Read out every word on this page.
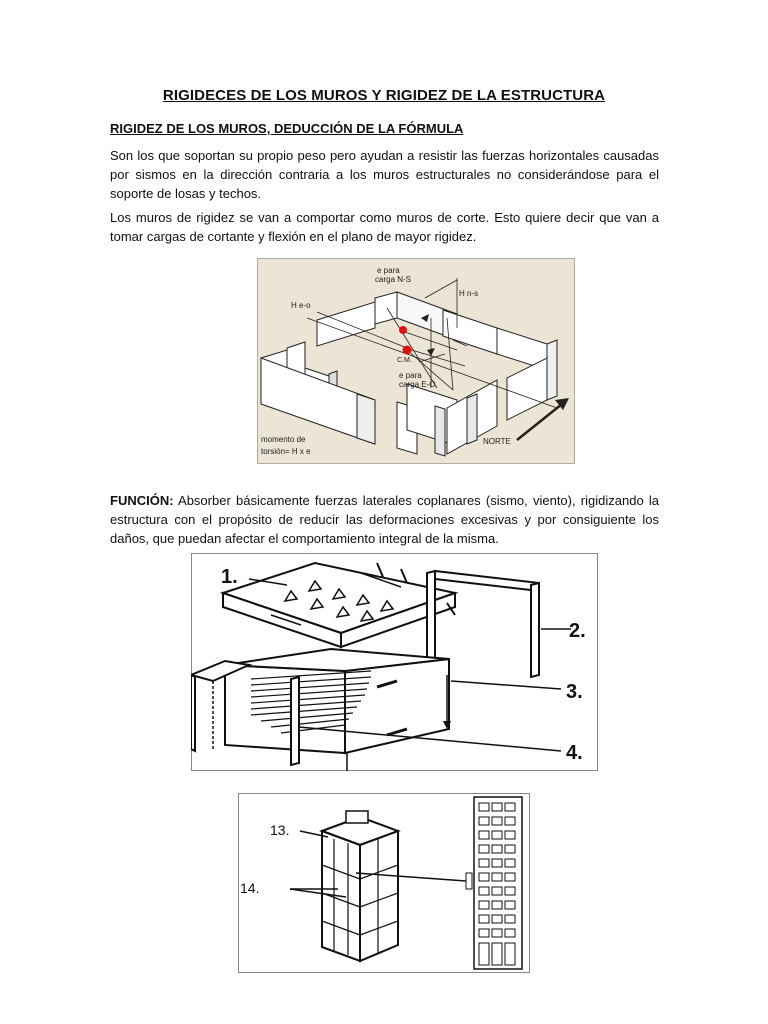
RIGIDECES DE LOS MUROS Y RIGIDEZ DE LA ESTRUCTURA
RIGIDEZ DE LOS MUROS, DEDUCCIÓN DE LA FÓRMULA
Son los que soportan su propio peso pero ayudan a resistir las fuerzas horizontales causadas por sismos en la dirección contraria a los muros estructurales no considerándose para el soporte de losas y techos.
Los muros de rigidez se van a comportar como muros de corte. Esto quiere decir que van a tomar cargas de cortante y flexión en el plano de mayor rigidez.
e para
carga N-S
H n-s
H e-o
C.M.
e para
carga E-O
momento de
torsión= H x e
NORTE
FUNCIÓN: Absorber básicamente fuerzas laterales coplanares (sismo, viento), rigidizando la estructura con el propósito de reducir las deformaciones excesivas y por consiguiente los daños, que puedan afectar el comportamiento integral de la misma.
1.
2.
3.
4.
13.
14.
